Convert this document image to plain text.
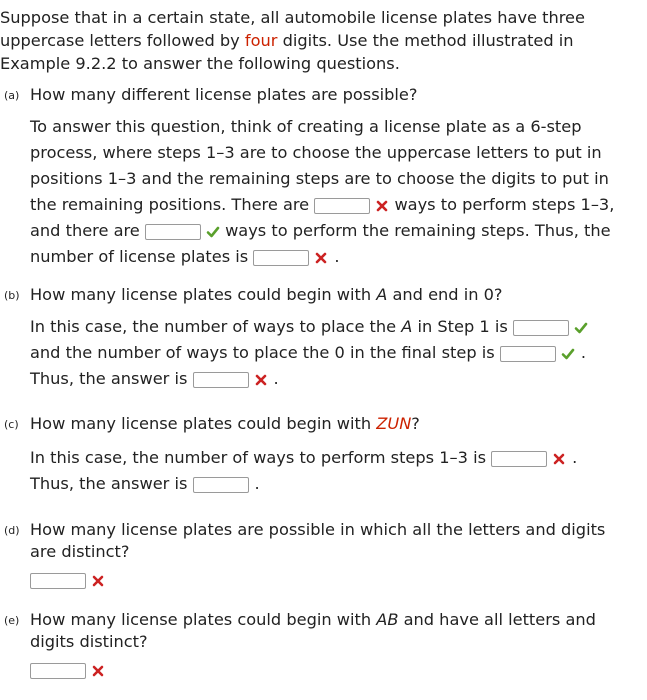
Suppose that in a certain state, all automobile license plates have three uppercase letters followed by four digits. Use the method illustrated in Example 9.2.2 to answer the following questions.
(a) How many different license plates are possible?
To answer this question, think of creating a license plate as a 6-step
process, where steps 1–3 are to choose the uppercase letters to put in
positions 1–3 and the remaining steps are to choose the digits to put in
the remaining positions. There are	ways to perform steps 1–3,
and there are	ways to perform the remaining steps. Thus, the
number of license plates is	.
(b) How many license plates could begin with A and end in 0?
In this case, the number of ways to place the A in Step 1 is
and the number of ways to place the 0 in the final step is	.
Thus, the answer is	.
(c) How many license plates could begin with ZUN?
In this case, the number of ways to perform steps 1–3 is	.
Thus, the answer is	.
(d) How many license plates are possible in which all the letters and digits
are distinct?
(e) How many license plates could begin with AB and have all letters and
digits distinct?
